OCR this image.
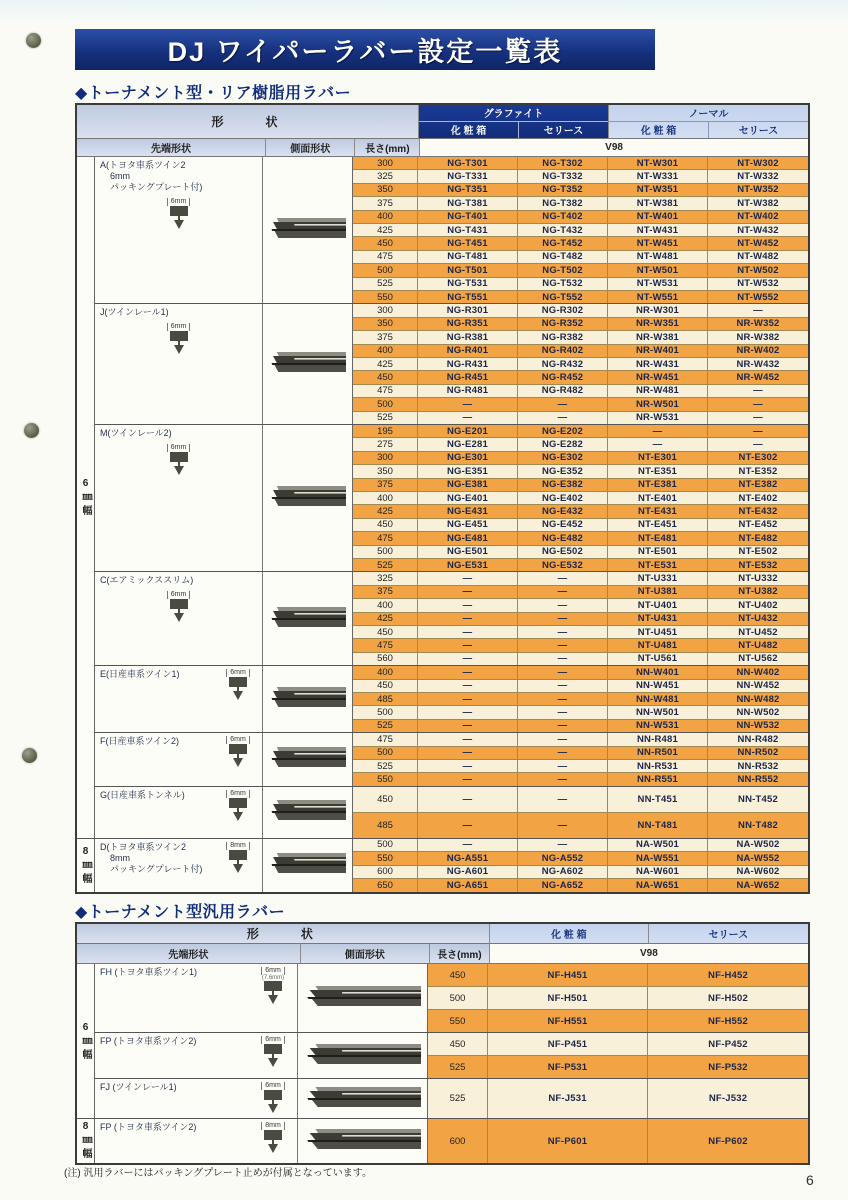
DJ ワイパーラバー設定一覧表
◆トーナメント型・リア樹脂用ラバー
形　　状
グラファイト
化 粧 箱	セリース
ノーマル
化 粧 箱	セリース
先端形状	側面形状	長さ(mm)	V98
6㎜幅
8㎜幅
A(トヨタ車系ツイン2
6mm
パッキングプレート付)
6mm
300	NG-T301	NG-T302	NT-W301	NT-W302
325	NG-T331	NG-T332	NT-W331	NT-W332
350	NG-T351	NG-T352	NT-W351	NT-W352
375	NG-T381	NG-T382	NT-W381	NT-W382
400	NG-T401	NG-T402	NT-W401	NT-W402
425	NG-T431	NG-T432	NT-W431	NT-W432
450	NG-T451	NG-T452	NT-W451	NT-W452
475	NG-T481	NG-T482	NT-W481	NT-W482
500	NG-T501	NG-T502	NT-W501	NT-W502
525	NG-T531	NG-T532	NT-W531	NT-W532
550	NG-T551	NG-T552	NT-W551	NT-W552
J(ツインレール1)
6mm
300	NG-R301	NG-R302	NR-W301	—
350	NG-R351	NG-R352	NR-W351	NR-W352
375	NG-R381	NG-R382	NR-W381	NR-W382
400	NG-R401	NG-R402	NR-W401	NR-W402
425	NG-R431	NG-R432	NR-W431	NR-W432
450	NG-R451	NG-R452	NR-W451	NR-W452
475	NG-R481	NG-R482	NR-W481	—
500	—	—	NR-W501	—
525	—	—	NR-W531	—
M(ツインレール2)
6mm
195	NG-E201	NG-E202	—	—
275	NG-E281	NG-E282	—	—
300	NG-E301	NG-E302	NT-E301	NT-E302
350	NG-E351	NG-E352	NT-E351	NT-E352
375	NG-E381	NG-E382	NT-E381	NT-E382
400	NG-E401	NG-E402	NT-E401	NT-E402
425	NG-E431	NG-E432	NT-E431	NT-E432
450	NG-E451	NG-E452	NT-E451	NT-E452
475	NG-E481	NG-E482	NT-E481	NT-E482
500	NG-E501	NG-E502	NT-E501	NT-E502
525	NG-E531	NG-E532	NT-E531	NT-E532
C(エアミックススリム)
6mm
325	—	—	NT-U331	NT-U332
375	—	—	NT-U381	NT-U382
400	—	—	NT-U401	NT-U402
425	—	—	NT-U431	NT-U432
450	—	—	NT-U451	NT-U452
475	—	—	NT-U481	NT-U482
560	—	—	NT-U561	NT-U562
E(日産車系ツイン1)	6mm	400	—	—	NN-W401	NN-W402
450	—	—	NN-W451	NN-W452
485	—	—	NN-W481	NN-W482
500	—	—	NN-W501	NN-W502
525	—	—	NN-W531	NN-W532
F(日産車系ツイン2)	6mm	475	—	—	NN-R481	NN-R482
500	—	—	NN-R501	NN-R502
525	—	—	NN-R531	NN-R532
550	—	—	NN-R551	NN-R552
G(日産車系トンネル)	6mm
450	—	—	NN-T451	NN-T452
485	—	—	NN-T481	NN-T482
D(トヨタ車系ツイン2
8mm
パッキングプレート付)
8mm	500	—	—	NA-W501	NA-W502
550	NG-A551	NG-A552	NA-W551	NA-W552
600	NG-A601	NG-A602	NA-W601	NA-W602
650	NG-A651	NG-A652	NA-W651	NA-W652
◆トーナメント型汎用ラバー
形　　状	化 粧 箱	セリース
先端形状	側面形状	長さ(mm)	V98
6㎜幅
8㎜幅
FH (トヨタ車系ツイン1)	6mm
(7.6mm)	450	NF-H451	NF-H452
500	NF-H501	NF-H502
550	NF-H551	NF-H552
FP (トヨタ車系ツイン2)	6mm	450	NF-P451	NF-P452
525	NF-P531	NF-P532
FJ (ツインレール1)	6mm
525	NF-J531	NF-J532
FP (トヨタ車系ツイン2)	8mm
600	NF-P601	NF-P602
(注) 汎用ラバーにはパッキングプレート止めが付属となっています。	6
